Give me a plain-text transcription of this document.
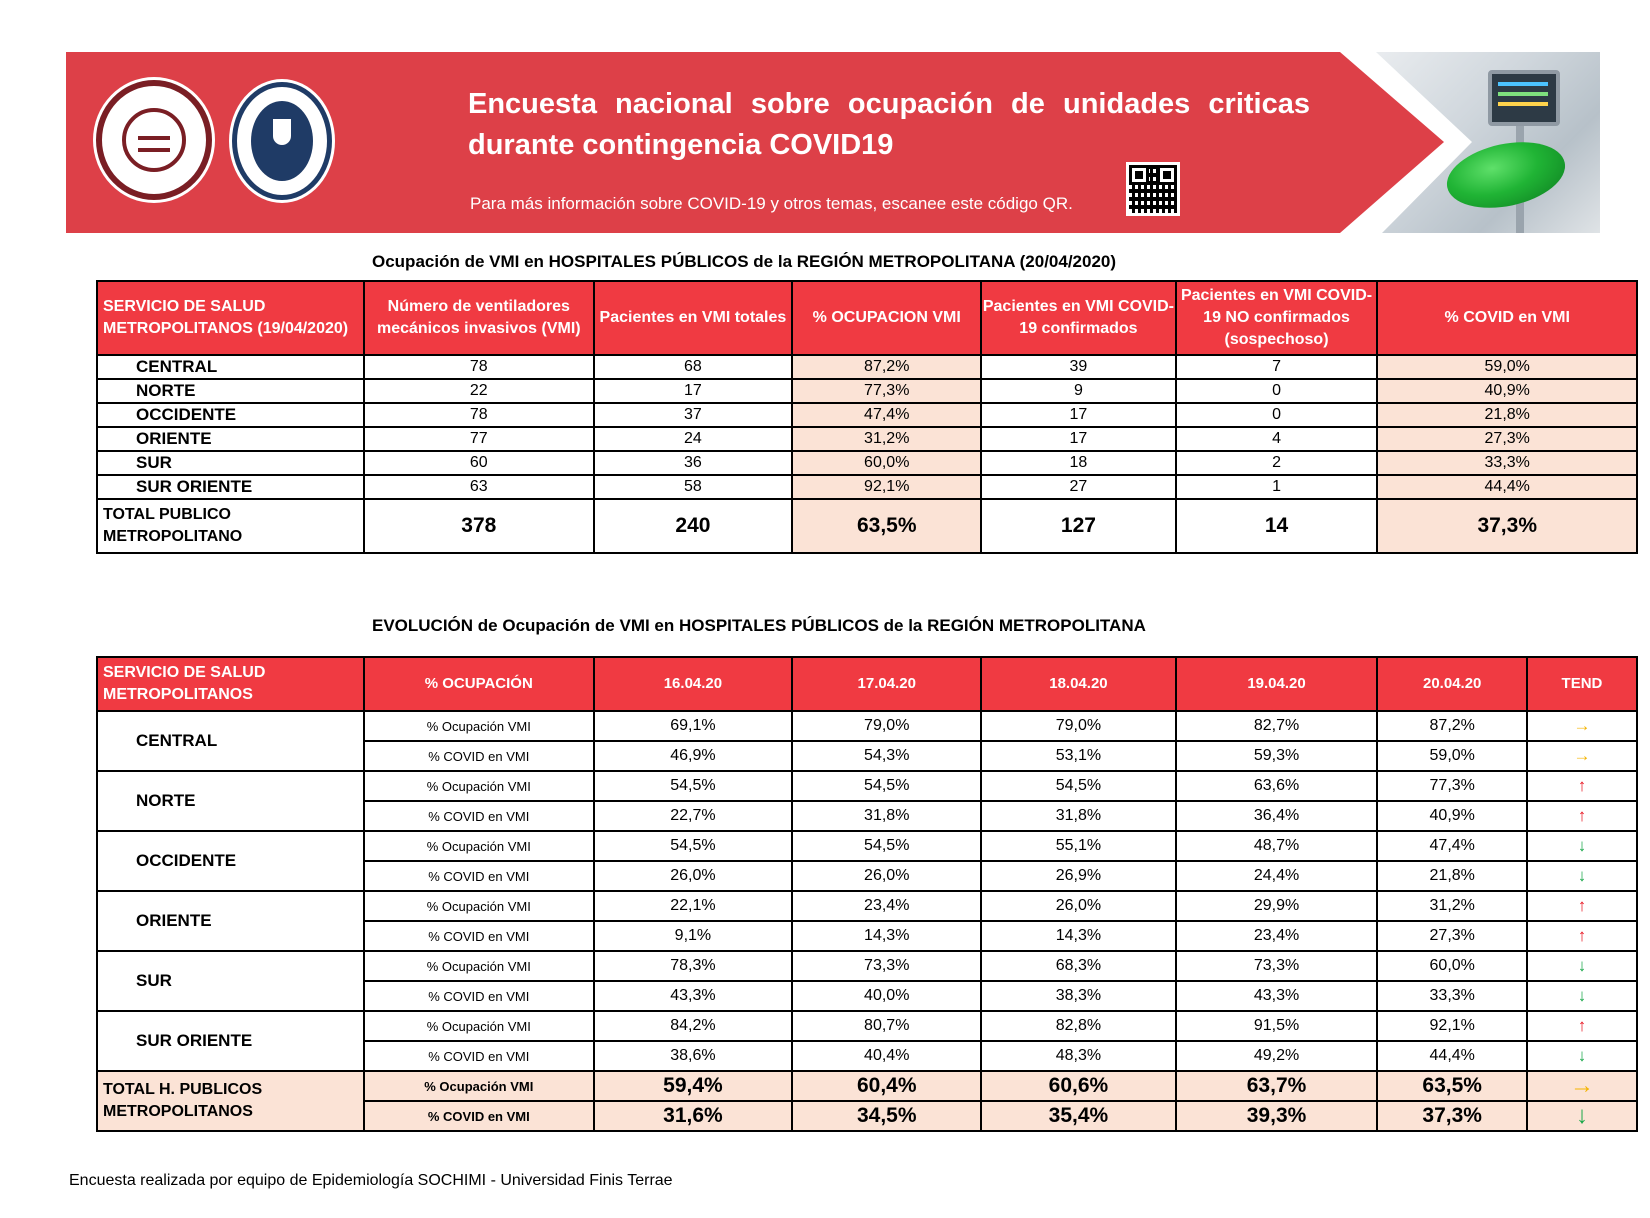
Encuesta nacional sobre ocupación de unidades criticas durante contingencia COVID19
Para más información sobre COVID-19 y otros temas, escanee este código QR.
Ocupación de VMI en HOSPITALES PÚBLICOS de la REGIÓN METROPOLITANA (20/04/2020)
SERVICIO DE SALUD METROPOLITANOS (19/04/2020)	Número de ventiladores mecánicos invasivos (VMI)	Pacientes en VMI totales	% OCUPACION VMI	Pacientes en VMI COVID-19 confirmados	Pacientes en VMI COVID-19 NO confirmados (sospechoso)	% COVID en VMI
CENTRAL	78	68	87,2%	39	7	59,0%
NORTE	22	17	77,3%	9	0	40,9%
OCCIDENTE	78	37	47,4%	17	0	21,8%
ORIENTE	77	24	31,2%	17	4	27,3%
SUR	60	36	60,0%	18	2	33,3%
SUR ORIENTE	63	58	92,1%	27	1	44,4%
TOTAL PUBLICO METROPOLITANO	378	240	63,5%	127	14	37,3%
EVOLUCIÓN de Ocupación de VMI en HOSPITALES PÚBLICOS de la REGIÓN METROPOLITANA
SERVICIO DE SALUD METROPOLITANOS	% OCUPACIÓN	16.04.20	17.04.20	18.04.20	19.04.20	20.04.20	TEND
CENTRAL	% Ocupación VMI	69,1%	79,0%	79,0%	82,7%	87,2%	→
	% COVID en VMI	46,9%	54,3%	53,1%	59,3%	59,0%	→
NORTE	% Ocupación VMI	54,5%	54,5%	54,5%	63,6%	77,3%	↑
	% COVID en VMI	22,7%	31,8%	31,8%	36,4%	40,9%	↑
OCCIDENTE	% Ocupación VMI	54,5%	54,5%	55,1%	48,7%	47,4%	↓
	% COVID en VMI	26,0%	26,0%	26,9%	24,4%	21,8%	↓
ORIENTE	% Ocupación VMI	22,1%	23,4%	26,0%	29,9%	31,2%	↑
	% COVID en VMI	9,1%	14,3%	14,3%	23,4%	27,3%	↑
SUR	% Ocupación VMI	78,3%	73,3%	68,3%	73,3%	60,0%	↓
	% COVID en VMI	43,3%	40,0%	38,3%	43,3%	33,3%	↓
SUR ORIENTE	% Ocupación VMI	84,2%	80,7%	82,8%	91,5%	92,1%	↑
	% COVID en VMI	38,6%	40,4%	48,3%	49,2%	44,4%	↓
TOTAL H. PUBLICOS METROPOLITANOS	% Ocupación VMI	59,4%	60,4%	60,6%	63,7%	63,5%	→
	% COVID en VMI	31,6%	34,5%	35,4%	39,3%	37,3%	↓
Encuesta realizada por equipo de Epidemiología SOCHIMI - Universidad Finis Terrae
